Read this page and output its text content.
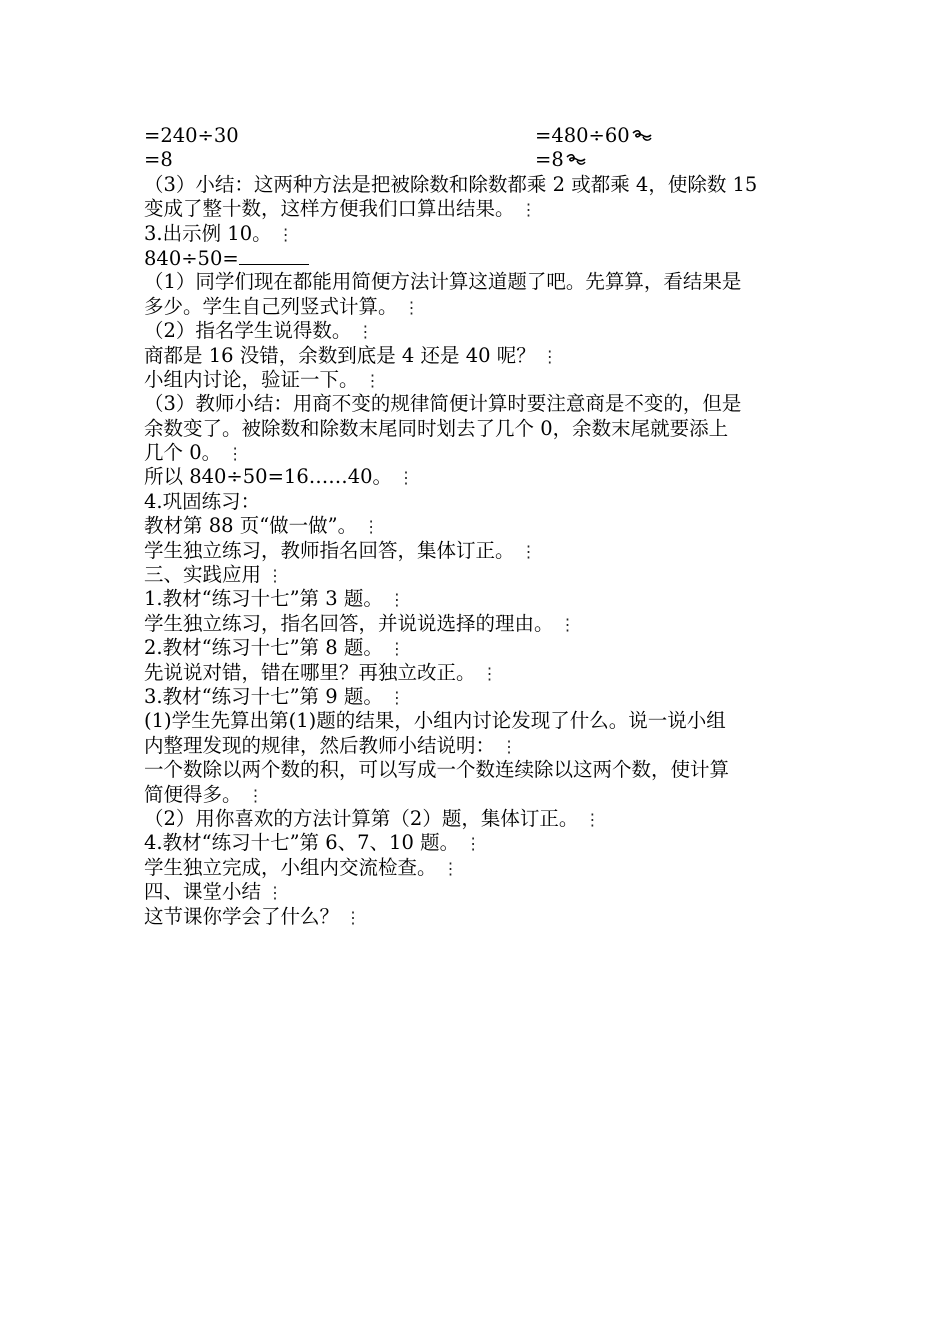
=240÷30	=480÷60
=8	=8
（3）小结：这两种方法是把被除数和除数都乘 2 或都乘 4，使除数 15
变成了整十数，这样方便我们口算出结果。 ⋮
3.出示例 10。 ⋮
840÷50=
（1）同学们现在都能用简便方法计算这道题了吧。先算算，看结果是
多少。学生自己列竖式计算。 ⋮
（2）指名学生说得数。 ⋮
商都是 16 没错，余数到底是 4 还是 40 呢？ ⋮
小组内讨论，验证一下。 ⋮
（3）教师小结：用商不变的规律简便计算时要注意商是不变的，但是
余数变了。被除数和除数末尾同时划去了几个 0，余数末尾就要添上
几个 0。 ⋮
所以 840÷50=16……40。 ⋮
4.巩固练习：
教材第 88 页“做一做”。 ⋮
学生独立练习，教师指名回答，集体订正。 ⋮
三、实践应用 ⋮
1.教材“练习十七”第 3 题。 ⋮
学生独立练习，指名回答，并说说选择的理由。 ⋮
2.教材“练习十七”第 8 题。 ⋮
先说说对错，错在哪里？再独立改正。 ⋮
3.教材“练习十七”第 9 题。 ⋮
(1)学生先算出第(1)题的结果，小组内讨论发现了什么。说一说小组
内整理发现的规律，然后教师小结说明： ⋮
一个数除以两个数的积，可以写成一个数连续除以这两个数，使计算
简便得多。 ⋮
（2）用你喜欢的方法计算第（2）题，集体订正。 ⋮
4.教材“练习十七”第 6、7、10 题。 ⋮
学生独立完成，小组内交流检查。 ⋮
四、课堂小结 ⋮
这节课你学会了什么？ ⋮
